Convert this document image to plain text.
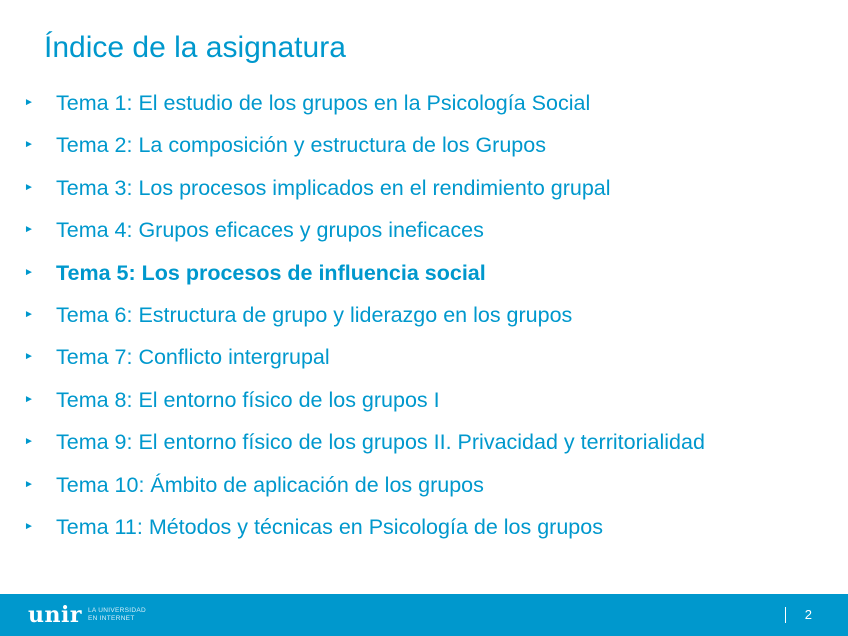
Índice de la asignatura
► Tema 1: El estudio de los grupos en la Psicología Social
► Tema 2: La composición y estructura de los Grupos
► Tema 3: Los procesos implicados en el rendimiento grupal
► Tema 4: Grupos eficaces y grupos ineficaces
► Tema 5: Los procesos de influencia social
► Tema 6: Estructura de grupo y liderazgo en los grupos
► Tema 7: Conflicto intergrupal
► Tema 8: El entorno físico de los grupos I
► Tema 9: El entorno físico de los grupos II. Privacidad y territorialidad
► Tema 10: Ámbito de aplicación de los grupos
► Tema 11: Métodos y técnicas en Psicología de los grupos
unir LA UNIVERSIDAD
EN INTERNET	2
